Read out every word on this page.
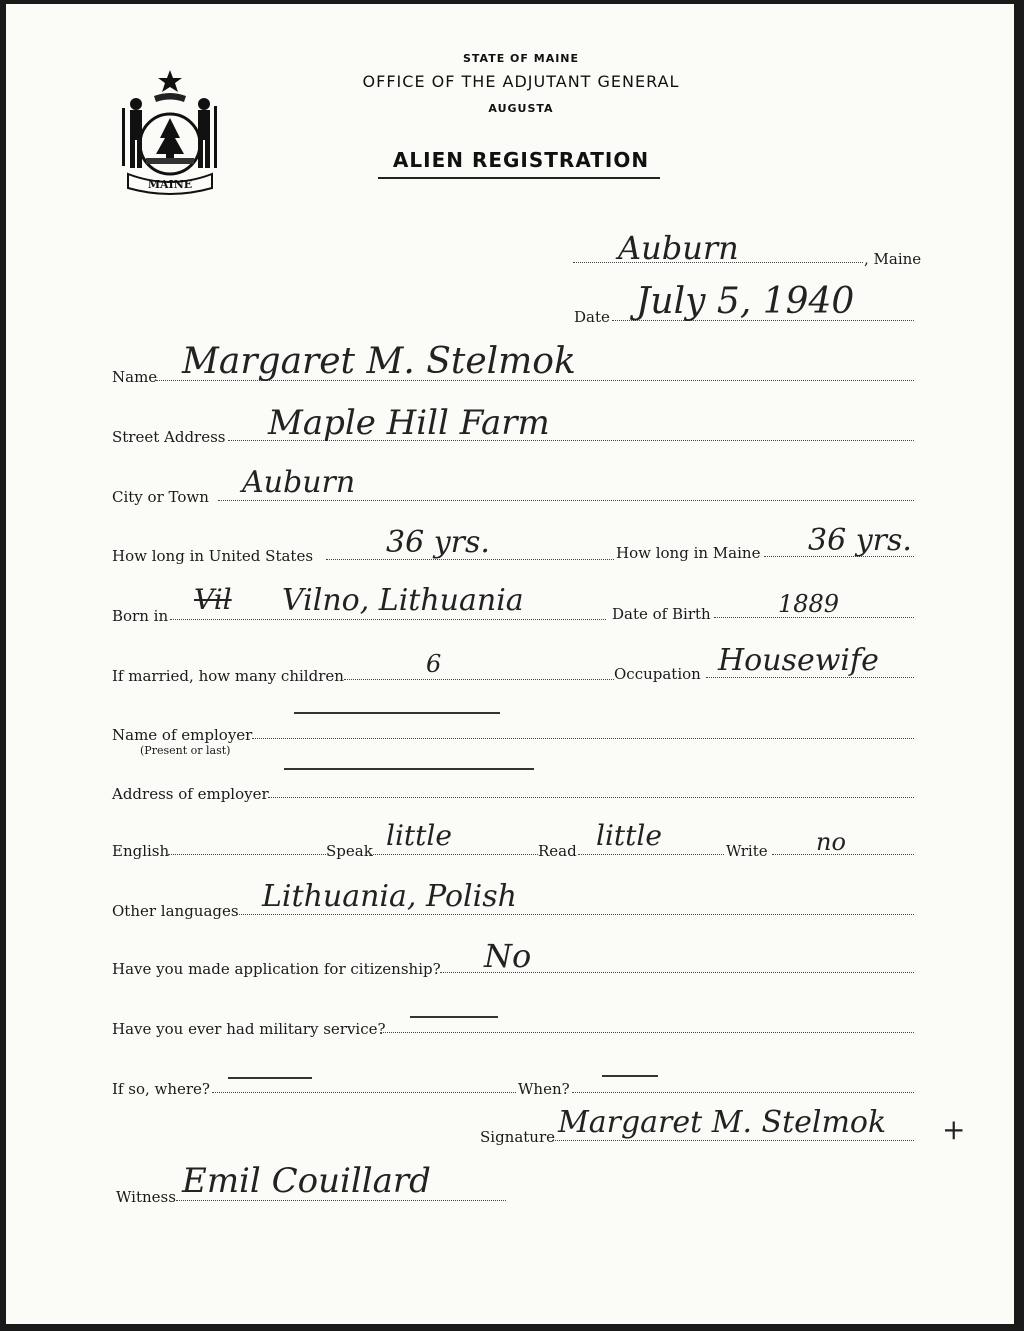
MAINE
STATE OF MAINE
OFFICE OF THE ADJUTANT GENERAL
AUGUSTA
ALIEN REGISTRATION
Auburn	, Maine
Date July 5, 1940
Name Margaret M. Stelmok
Street Address Maple Hill Farm
City or Town Auburn
How long in United States 36 yrs.	How long in Maine 36 yrs.
Born in Vil Vilno, Lithuania	Date of Birth	1889
If married, how many children	6	Occupation Housewife
Name of employer
(Present or last)
Address of employer
English	Speak little	Read little	Write no
Other languages Lithuania, Polish
Have you made application for citizenship? No
Have you ever had military service?
If so, where?	When?
Signature Margaret M. Stelmok +
Witness Emil Couillard
